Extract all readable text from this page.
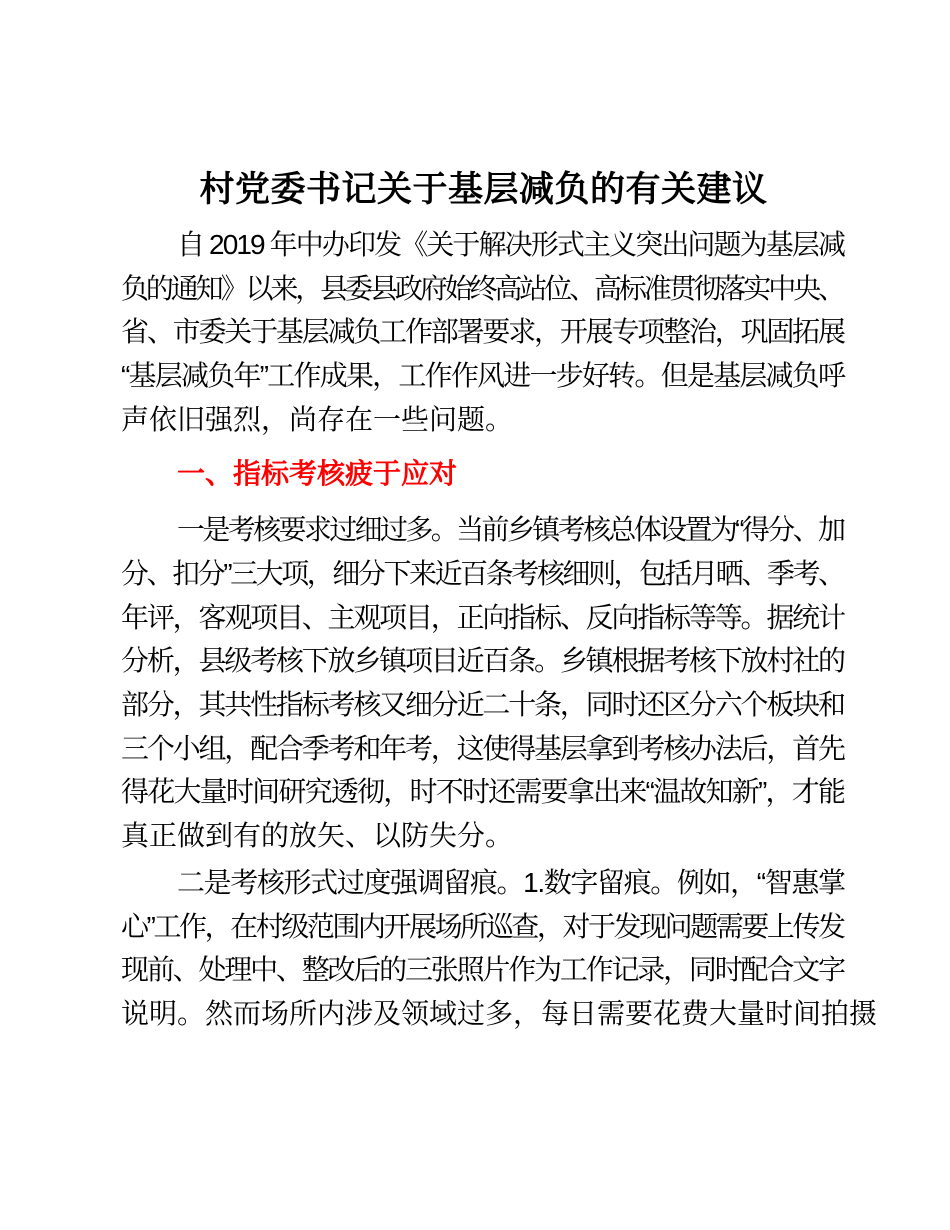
村党委书记关于基层减负的有关建议
自 2019 年中办印发《关于解决形式主义突出问题为基层减
负的通知》以来，县委县政府始终高站位、高标准贯彻落实中央、
省、市委关于基层减负工作部署要求，开展专项整治，巩固拓展
“基层减负年”工作成果，工作作风进一步好转。但是基层减负呼
声依旧强烈，尚存在一些问题。
一、指标考核疲于应对
一是考核要求过细过多。当前乡镇考核总体设置为“得分、加
分、扣分”三大项，细分下来近百条考核细则，包括月晒、季考、
年评，客观项目、主观项目，正向指标、反向指标等等。据统计
分析，县级考核下放乡镇项目近百条。乡镇根据考核下放村社的
部分，其共性指标考核又细分近二十条，同时还区分六个板块和
三个小组，配合季考和年考，这使得基层拿到考核办法后，首先
得花大量时间研究透彻，时不时还需要拿出来“温故知新”，才能
真正做到有的放矢、以防失分。
二是考核形式过度强调留痕。1.数字留痕。例如，“智惠掌
心”工作，在村级范围内开展场所巡查，对于发现问题需要上传发
现前、处理中、整改后的三张照片作为工作记录，同时配合文字
说明。然而场所内涉及领域过多，每日需要花费大量时间拍摄
